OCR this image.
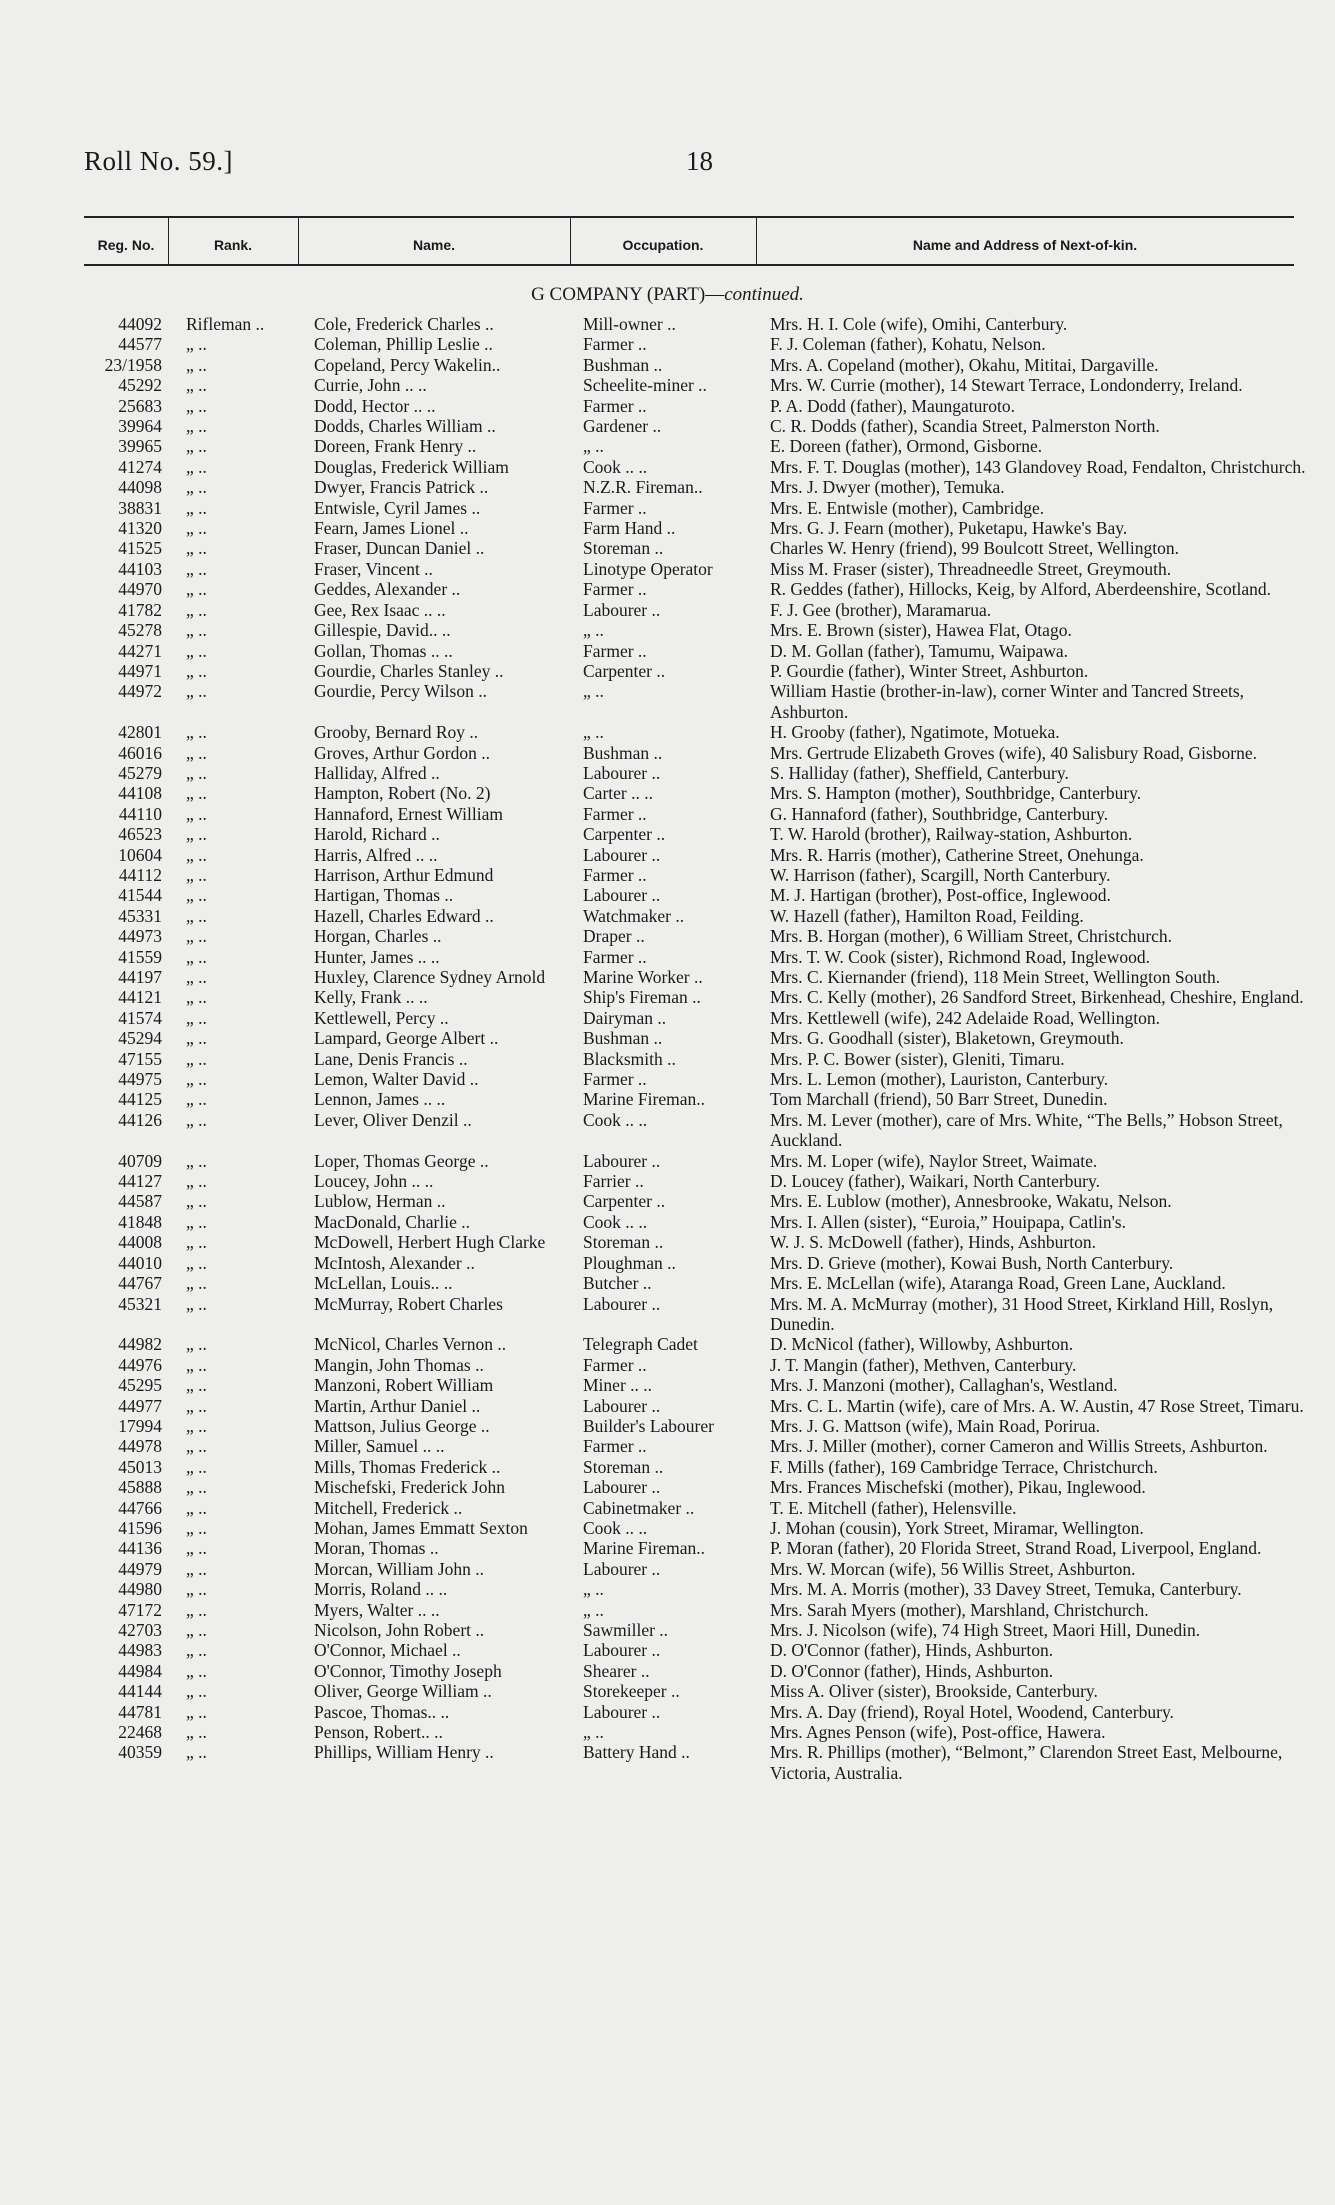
Roll No. 59.]	18
Reg. No.	Rank.	Name.	Occupation.	Name and Address of Next-of-kin.
G COMPANY (PART)—continued.
44092	Rifleman ..	Cole, Frederick Charles ..	Mill-owner ..	Mrs. H. I. Cole (wife), Omihi, Canterbury.
44577	„ ..	Coleman, Phillip Leslie ..	Farmer ..	F. J. Coleman (father), Kohatu, Nelson.
23/1958	„ ..	Copeland, Percy Wakelin..	Bushman ..	Mrs. A. Copeland (mother), Okahu, Mititai, Dargaville.
45292	„ ..	Currie, John .. ..	Scheelite-miner ..	Mrs. W. Currie (mother), 14 Stewart Terrace, Londonderry, Ireland.
25683	„ ..	Dodd, Hector .. ..	Farmer ..	P. A. Dodd (father), Maungaturoto.
39964	„ ..	Dodds, Charles William ..	Gardener ..	C. R. Dodds (father), Scandia Street, Palmerston North.
39965	„ ..	Doreen, Frank Henry ..	„ ..	E. Doreen (father), Ormond, Gisborne.
41274	„ ..	Douglas, Frederick William	Cook .. ..	Mrs. F. T. Douglas (mother), 143 Glandovey Road, Fendalton, Christchurch.
44098	„ ..	Dwyer, Francis Patrick ..	N.Z.R. Fireman..	Mrs. J. Dwyer (mother), Temuka.
38831	„ ..	Entwisle, Cyril James ..	Farmer ..	Mrs. E. Entwisle (mother), Cambridge.
41320	„ ..	Fearn, James Lionel ..	Farm Hand ..	Mrs. G. J. Fearn (mother), Puketapu, Hawke's Bay.
41525	„ ..	Fraser, Duncan Daniel ..	Storeman ..	Charles W. Henry (friend), 99 Boulcott Street, Wellington.
44103	„ ..	Fraser, Vincent ..	Linotype Operator	Miss M. Fraser (sister), Threadneedle Street, Greymouth.
44970	„ ..	Geddes, Alexander ..	Farmer ..	R. Geddes (father), Hillocks, Keig, by Alford, Aberdeenshire, Scotland.
41782	„ ..	Gee, Rex Isaac .. ..	Labourer ..	F. J. Gee (brother), Maramarua.
45278	„ ..	Gillespie, David.. ..	„ ..	Mrs. E. Brown (sister), Hawea Flat, Otago.
44271	„ ..	Gollan, Thomas .. ..	Farmer ..	D. M. Gollan (father), Tamumu, Waipawa.
44971	„ ..	Gourdie, Charles Stanley ..	Carpenter ..	P. Gourdie (father), Winter Street, Ashburton.
44972	„ ..	Gourdie, Percy Wilson ..	„ ..	William Hastie (brother-in-law), corner Winter and Tancred Streets, Ashburton.
42801	„ ..	Grooby, Bernard Roy ..	„ ..	H. Grooby (father), Ngatimote, Motueka.
46016	„ ..	Groves, Arthur Gordon ..	Bushman ..	Mrs. Gertrude Elizabeth Groves (wife), 40 Salisbury Road, Gisborne.
45279	„ ..	Halliday, Alfred ..	Labourer ..	S. Halliday (father), Sheffield, Canterbury.
44108	„ ..	Hampton, Robert (No. 2)	Carter .. ..	Mrs. S. Hampton (mother), Southbridge, Canterbury.
44110	„ ..	Hannaford, Ernest William	Farmer ..	G. Hannaford (father), Southbridge, Canterbury.
46523	„ ..	Harold, Richard ..	Carpenter ..	T. W. Harold (brother), Railway-station, Ashburton.
10604	„ ..	Harris, Alfred .. ..	Labourer ..	Mrs. R. Harris (mother), Catherine Street, Onehunga.
44112	„ ..	Harrison, Arthur Edmund	Farmer ..	W. Harrison (father), Scargill, North Canterbury.
41544	„ ..	Hartigan, Thomas ..	Labourer ..	M. J. Hartigan (brother), Post-office, Inglewood.
45331	„ ..	Hazell, Charles Edward ..	Watchmaker ..	W. Hazell (father), Hamilton Road, Feilding.
44973	„ ..	Horgan, Charles ..	Draper ..	Mrs. B. Horgan (mother), 6 William Street, Christchurch.
41559	„ ..	Hunter, James .. ..	Farmer ..	Mrs. T. W. Cook (sister), Richmond Road, Inglewood.
44197	„ ..	Huxley, Clarence Sydney Arnold	Marine Worker ..	Mrs. C. Kiernander (friend), 118 Mein Street, Wellington South.
44121	„ ..	Kelly, Frank .. ..	Ship's Fireman ..	Mrs. C. Kelly (mother), 26 Sandford Street, Birkenhead, Cheshire, England.
41574	„ ..	Kettlewell, Percy ..	Dairyman ..	Mrs. Kettlewell (wife), 242 Adelaide Road, Wellington.
45294	„ ..	Lampard, George Albert ..	Bushman ..	Mrs. G. Goodhall (sister), Blaketown, Greymouth.
47155	„ ..	Lane, Denis Francis ..	Blacksmith ..	Mrs. P. C. Bower (sister), Gleniti, Timaru.
44975	„ ..	Lemon, Walter David ..	Farmer ..	Mrs. L. Lemon (mother), Lauriston, Canterbury.
44125	„ ..	Lennon, James .. ..	Marine Fireman..	Tom Marchall (friend), 50 Barr Street, Dunedin.
44126	„ ..	Lever, Oliver Denzil ..	Cook .. ..	Mrs. M. Lever (mother), care of Mrs. White, “The Bells,” Hobson Street, Auckland.
40709	„ ..	Loper, Thomas George ..	Labourer ..	Mrs. M. Loper (wife), Naylor Street, Waimate.
44127	„ ..	Loucey, John .. ..	Farrier ..	D. Loucey (father), Waikari, North Canterbury.
44587	„ ..	Lublow, Herman ..	Carpenter ..	Mrs. E. Lublow (mother), Annesbrooke, Wakatu, Nelson.
41848	„ ..	MacDonald, Charlie ..	Cook .. ..	Mrs. I. Allen (sister), “Euroia,” Houipapa, Catlin's.
44008	„ ..	McDowell, Herbert Hugh Clarke	Storeman ..	W. J. S. McDowell (father), Hinds, Ashburton.
44010	„ ..	McIntosh, Alexander ..	Ploughman ..	Mrs. D. Grieve (mother), Kowai Bush, North Canterbury.
44767	„ ..	McLellan, Louis.. ..	Butcher ..	Mrs. E. McLellan (wife), Ataranga Road, Green Lane, Auckland.
45321	„ ..	McMurray, Robert Charles	Labourer ..	Mrs. M. A. McMurray (mother), 31 Hood Street, Kirkland Hill, Roslyn, Dunedin.
44982	„ ..	McNicol, Charles Vernon ..	Telegraph Cadet	D. McNicol (father), Willowby, Ashburton.
44976	„ ..	Mangin, John Thomas ..	Farmer ..	J. T. Mangin (father), Methven, Canterbury.
45295	„ ..	Manzoni, Robert William	Miner .. ..	Mrs. J. Manzoni (mother), Callaghan's, Westland.
44977	„ ..	Martin, Arthur Daniel ..	Labourer ..	Mrs. C. L. Martin (wife), care of Mrs. A. W. Austin, 47 Rose Street, Timaru.
17994	„ ..	Mattson, Julius George ..	Builder's Labourer	Mrs. J. G. Mattson (wife), Main Road, Porirua.
44978	„ ..	Miller, Samuel .. ..	Farmer ..	Mrs. J. Miller (mother), corner Cameron and Willis Streets, Ashburton.
45013	„ ..	Mills, Thomas Frederick ..	Storeman ..	F. Mills (father), 169 Cambridge Terrace, Christchurch.
45888	„ ..	Mischefski, Frederick John	Labourer ..	Mrs. Frances Mischefski (mother), Pikau, Inglewood.
44766	„ ..	Mitchell, Frederick ..	Cabinetmaker ..	T. E. Mitchell (father), Helensville.
41596	„ ..	Mohan, James Emmatt Sexton	Cook .. ..	J. Mohan (cousin), York Street, Miramar, Wellington.
44136	„ ..	Moran, Thomas ..	Marine Fireman..	P. Moran (father), 20 Florida Street, Strand Road, Liverpool, England.
44979	„ ..	Morcan, William John ..	Labourer ..	Mrs. W. Morcan (wife), 56 Willis Street, Ashburton.
44980	„ ..	Morris, Roland .. ..	„ ..	Mrs. M. A. Morris (mother), 33 Davey Street, Temuka, Canterbury.
47172	„ ..	Myers, Walter .. ..	„ ..	Mrs. Sarah Myers (mother), Marshland, Christchurch.
42703	„ ..	Nicolson, John Robert ..	Sawmiller ..	Mrs. J. Nicolson (wife), 74 High Street, Maori Hill, Dunedin.
44983	„ ..	O'Connor, Michael ..	Labourer ..	D. O'Connor (father), Hinds, Ashburton.
44984	„ ..	O'Connor, Timothy Joseph	Shearer ..	D. O'Connor (father), Hinds, Ashburton.
44144	„ ..	Oliver, George William ..	Storekeeper ..	Miss A. Oliver (sister), Brookside, Canterbury.
44781	„ ..	Pascoe, Thomas.. ..	Labourer ..	Mrs. A. Day (friend), Royal Hotel, Woodend, Canterbury.
22468	„ ..	Penson, Robert.. ..	„ ..	Mrs. Agnes Penson (wife), Post-office, Hawera.
40359	„ ..	Phillips, William Henry ..	Battery Hand ..	Mrs. R. Phillips (mother), “Belmont,” Clarendon Street East, Melbourne, Victoria, Australia.
